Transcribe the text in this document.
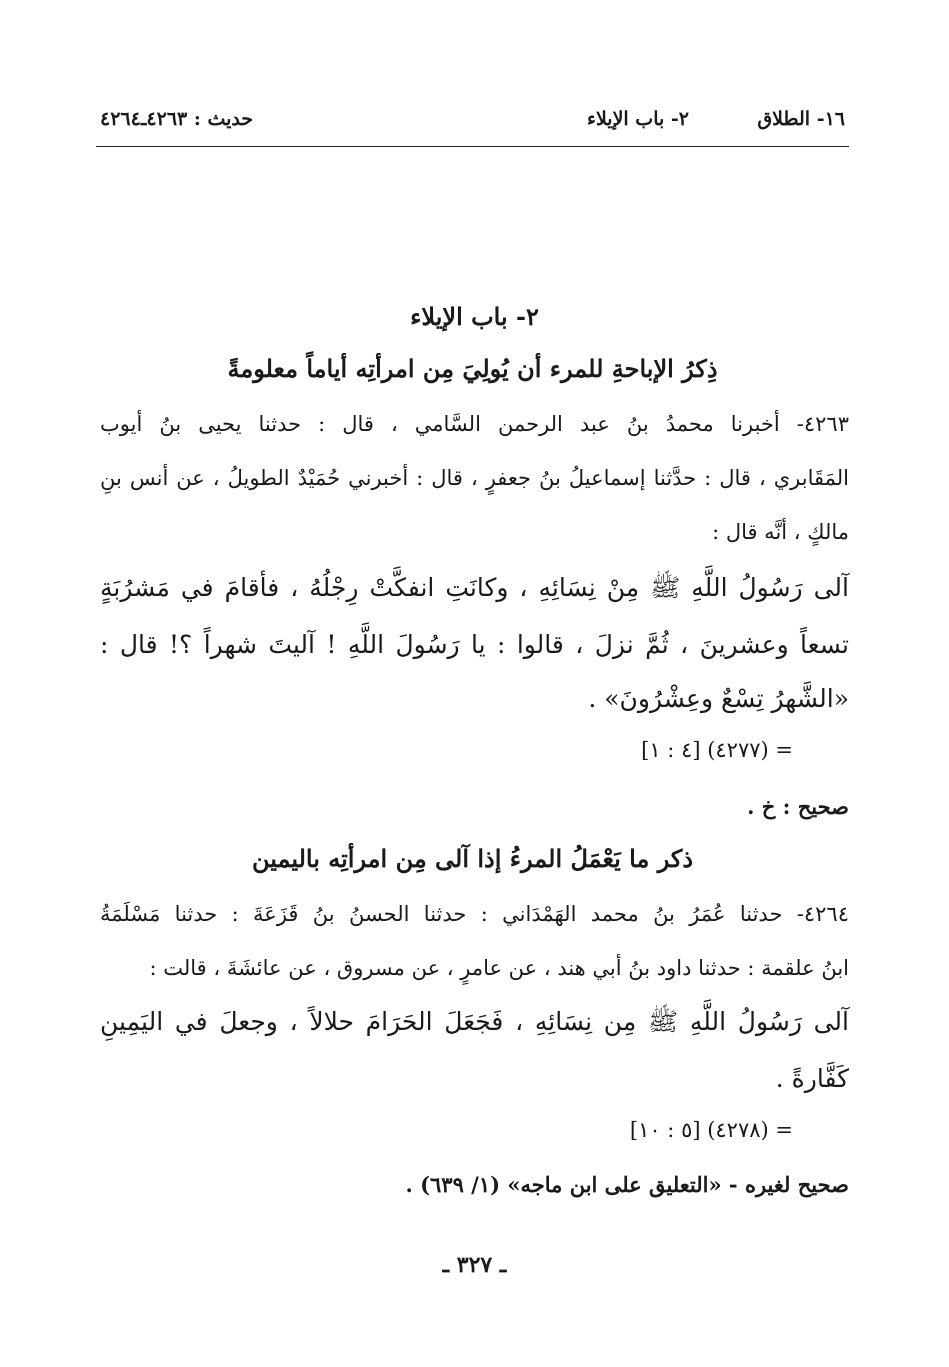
١٦- الطلاق
٢- باب الإيلاء
حديث : ٤٢٦٣ـ٤٢٦٤
٢- باب الإيلاء
ذِكرُ الإباحةِ للمرء أن يُولِيَ مِن امرأتِه أياماً معلومةً
٤٢٦٣- أخبرنا محمدُ بنُ عبد الرحمن السَّامي ، قال : حدثنا يحيى بنُ أيوب
المَقَابري ، قال : حدَّثنا إسماعيلُ بنُ جعفرٍ ، قال : أخبرني حُمَيْدٌ الطويلُ ، عن أنس بنِ
مالكٍ ، أنَّه قال :
آلى رَسُولُ اللَّهِ ﷺ مِنْ نِسَائِهِ ، وكانَتِ انفكَّتْ رِجْلُهُ ، فأقامَ في مَشرُبَةٍ
تسعاً وعشرينَ ، ثُمَّ نزلَ ، قالوا : يا رَسُولَ اللَّهِ ! آليتَ شهراً ؟! قال :
«الشَّهرُ تِسْعٌ وعِشْرُونَ» .
= (٤٢٧٧) [٤ : ١]
صحيح : خ .
ذكر ما يَعْمَلُ المرءُ إذا آلى مِن امرأتِه باليمين
٤٢٦٤- حدثنا عُمَرُ بنُ محمد الهَمْدَاني : حدثنا الحسنُ بنُ قَزَعَةَ : حدثنا مَسْلَمَةُ
ابنُ علقمة : حدثنا داود بنُ أبي هند ، عن عامرٍ ، عن مسروق ، عن عائشَةَ ، قالت :
آلى رَسُولُ اللَّهِ ﷺ مِن نِسَائِهِ ، فَجَعَلَ الحَرَامَ حلالاً ، وجعلَ في اليَمِينِ
كَفَّارةً .
= (٤٢٧٨) [٥ : ١٠]
صحيح لغيره - «التعليق على ابن ماجه» (١/ ٦٣٩) .
ـ ٣٢٧ ـ
